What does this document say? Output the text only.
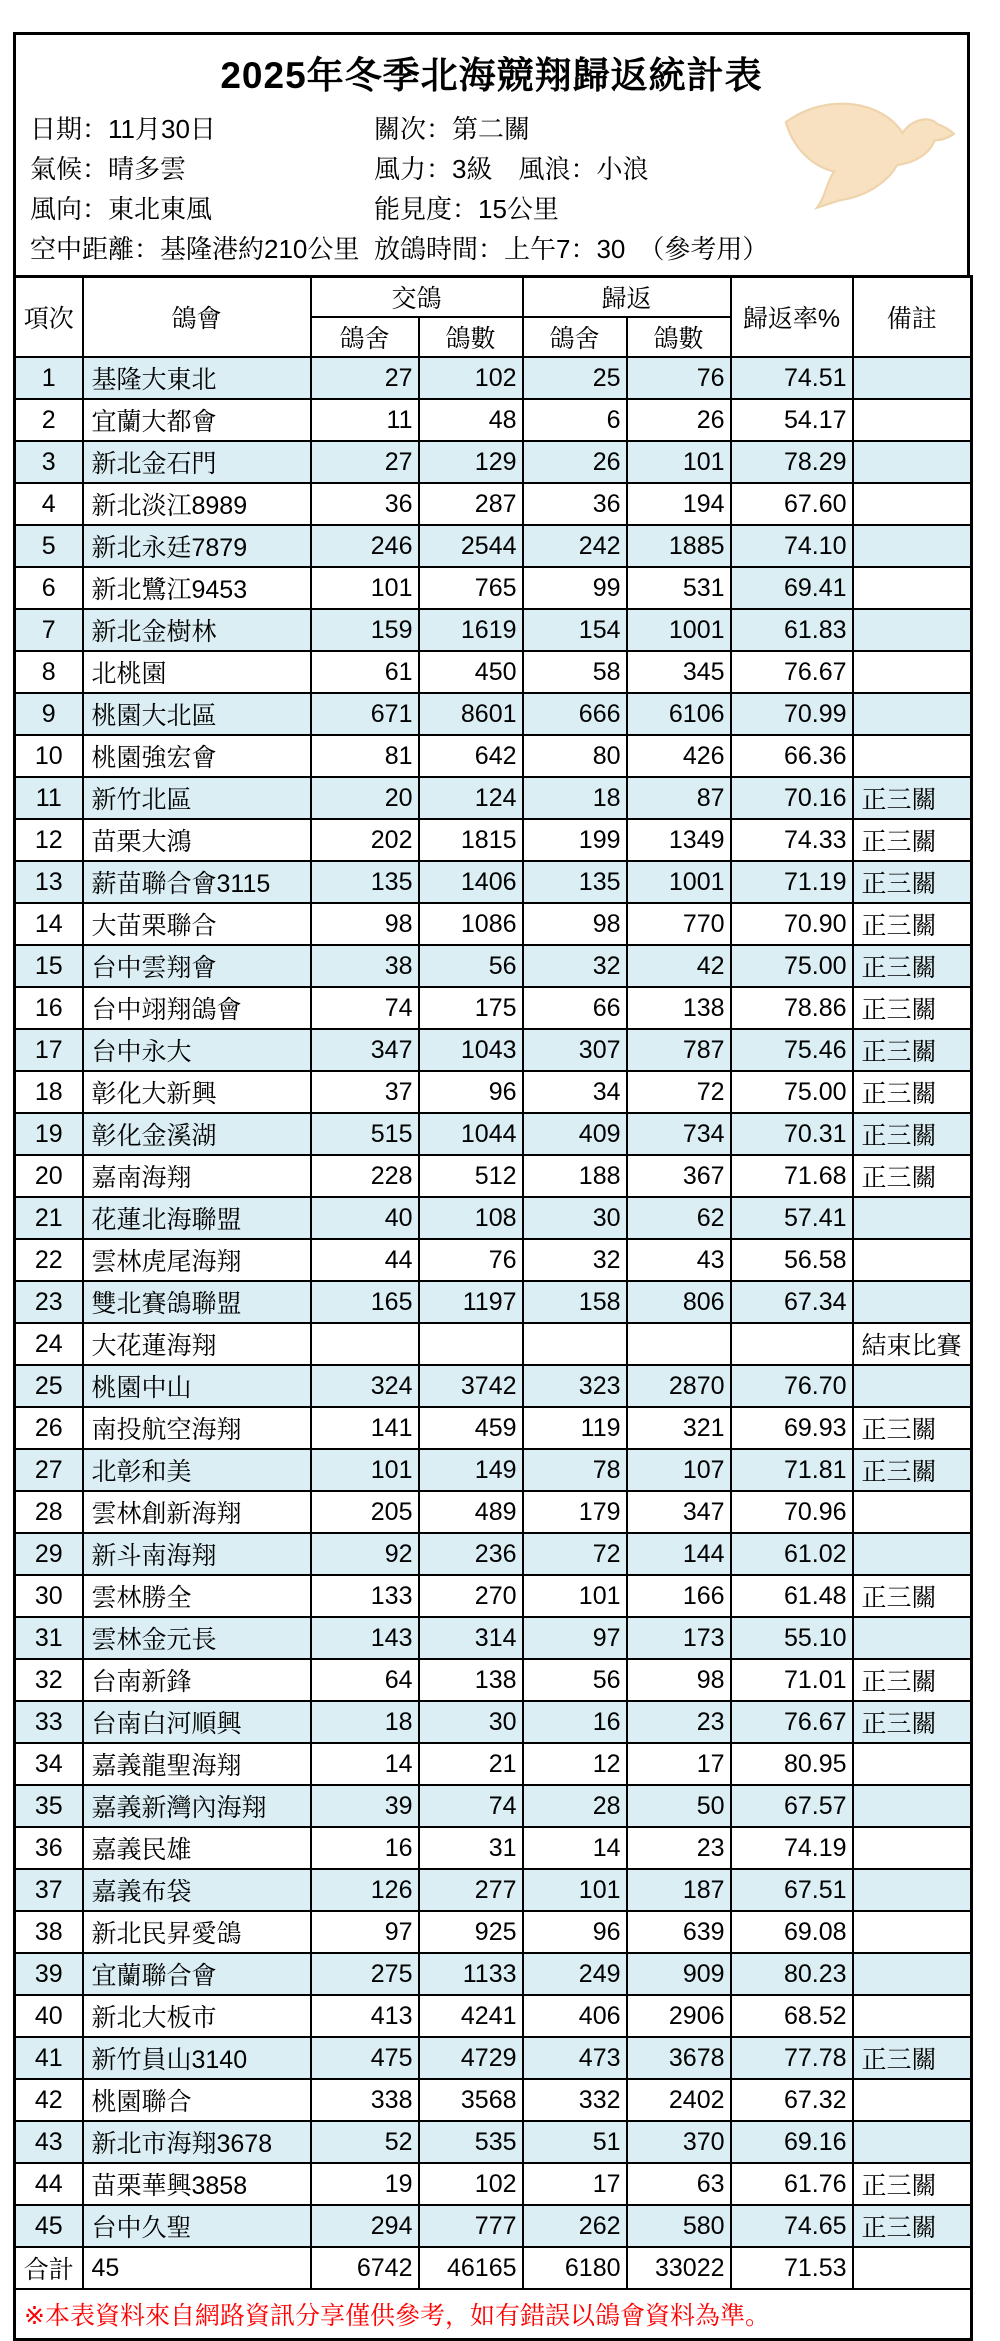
2025年冬季北海競翔歸返統計表
日期：11月30日
氣候：晴多雲
風向：東北東風
空中距離：基隆港約210公里
關次：第二關
風力：3級　風浪：小浪
能見度：15公里
放鴿時間：上午7：30　（參考用）
項次	鴿會	交鴿		歸返		歸返率%	備註
		鴿舍	鴿數	鴿舍	鴿數		
1	基隆大東北	27	102	25	76	74.51	
2	宜蘭大都會	11	48	6	26	54.17	
3	新北金石門	27	129	26	101	78.29	
4	新北淡江8989	36	287	36	194	67.60	
5	新北永廷7879	246	2544	242	1885	74.10	
6	新北鷺江9453	101	765	99	531	69.41	
7	新北金樹林	159	1619	154	1001	61.83	
8	北桃園	61	450	58	345	76.67	
9	桃園大北區	671	8601	666	6106	70.99	
10	桃園強宏會	81	642	80	426	66.36	
11	新竹北區	20	124	18	87	70.16	正三關
12	苗栗大鴻	202	1815	199	1349	74.33	正三關
13	薪苗聯合會3115	135	1406	135	1001	71.19	正三關
14	大苗栗聯合	98	1086	98	770	70.90	正三關
15	台中雲翔會	38	56	32	42	75.00	正三關
16	台中翊翔鴿會	74	175	66	138	78.86	正三關
17	台中永大	347	1043	307	787	75.46	正三關
18	彰化大新興	37	96	34	72	75.00	正三關
19	彰化金溪湖	515	1044	409	734	70.31	正三關
20	嘉南海翔	228	512	188	367	71.68	正三關
21	花蓮北海聯盟	40	108	30	62	57.41	
22	雲林虎尾海翔	44	76	32	43	56.58	
23	雙北賽鴿聯盟	165	1197	158	806	67.34	
24	大花蓮海翔						結束比賽
25	桃園中山	324	3742	323	2870	76.70	
26	南投航空海翔	141	459	119	321	69.93	正三關
27	北彰和美	101	149	78	107	71.81	正三關
28	雲林創新海翔	205	489	179	347	70.96	
29	新斗南海翔	92	236	72	144	61.02	
30	雲林勝全	133	270	101	166	61.48	正三關
31	雲林金元長	143	314	97	173	55.10	
32	台南新鋒	64	138	56	98	71.01	正三關
33	台南白河順興	18	30	16	23	76.67	正三關
34	嘉義龍聖海翔	14	21	12	17	80.95	
35	嘉義新灣內海翔	39	74	28	50	67.57	
36	嘉義民雄	16	31	14	23	74.19	
37	嘉義布袋	126	277	101	187	67.51	
38	新北民昇愛鴿	97	925	96	639	69.08	
39	宜蘭聯合會	275	1133	249	909	80.23	
40	新北大板市	413	4241	406	2906	68.52	
41	新竹員山3140	475	4729	473	3678	77.78	正三關
42	桃園聯合	338	3568	332	2402	67.32	
43	新北市海翔3678	52	535	51	370	69.16	
44	苗栗華興3858	19	102	17	63	61.76	正三關
45	台中久聖	294	777	262	580	74.65	正三關
合計	45	6742	46165	6180	33022	71.53	
※本表資料來自網路資訊分享僅供參考，如有錯誤以鴿會資料為準。							
